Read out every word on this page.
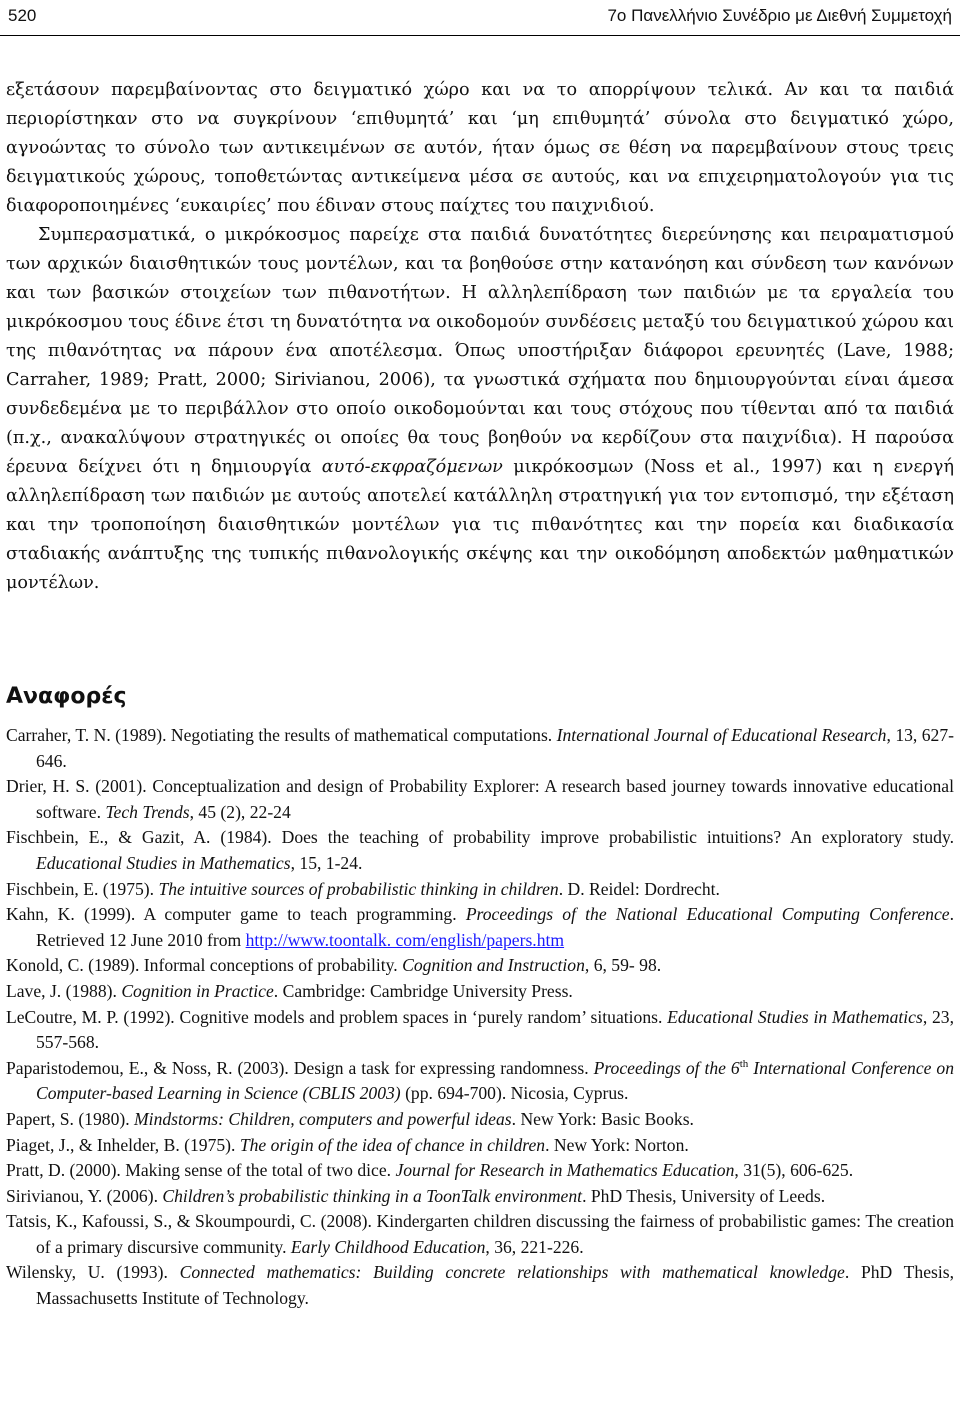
520	7ο Πανελλήνιο Συνέδριο με Διεθνή Συμμετοχή

εξετάσουν παρεμβαίνοντας στο δειγματικό χώρο και να το απορρίψουν τελικά. Αν και τα παιδιά περιορίστηκαν στο να συγκρίνουν ‘επιθυμητά’ και ‘μη επιθυμητά’ σύνολα στο δειγματικό χώρο, αγνοώντας το σύνολο των αντικειμένων σε αυτόν, ήταν όμως σε θέση να παρεμβαίνουν στους τρεις δειγματικούς χώρους, τοποθετώντας αντικείμενα μέσα σε αυτούς, και να επιχειρηματολογούν για τις διαφοροποιημένες ‘ευκαιρίες’ που έδιναν στους παίχτες του παιχνιδιού.

Συμπερασματικά, ο μικρόκοσμος παρείχε στα παιδιά δυνατότητες διερεύνησης και πειραματισμού των αρχικών διαισθητικών τους μοντέλων, και τα βοηθούσε στην κατανόηση και σύνδεση των κανόνων και των βασικών στοιχείων των πιθανοτήτων. Η αλληλεπίδραση των παιδιών με τα εργαλεία του μικρόκοσμου τους έδινε έτσι τη δυνατότητα να οικοδομούν συνδέσεις μεταξύ του δειγματικού χώρου και της πιθανότητας να πάρουν ένα αποτέλεσμα. Όπως υποστήριξαν διάφοροι ερευνητές (Lave, 1988; Carraher, 1989; Pratt, 2000; Sirivianou, 2006), τα γνωστικά σχήματα που δημιουργούνται είναι άμεσα συνδεδεμένα με το περιβάλλον στο οποίο οικοδομούνται και τους στόχους που τίθενται από τα παιδιά (π.χ., ανακαλύψουν στρατηγικές οι οποίες θα τους βοηθούν να κερδίζουν στα παιχνίδια). Η παρούσα έρευνα δείχνει ότι η δημιουργία αυτό-εκφραζόμενων μικρόκοσμων (Noss et al., 1997) και η ενεργή αλληλεπίδραση των παιδιών με αυτούς αποτελεί κατάλληλη στρατηγική για τον εντοπισμό, την εξέταση και την τροποποίηση διαισθητικών μοντέλων για τις πιθανότητες και την πορεία και διαδικασία σταδιακής ανάπτυξης της τυπικής πιθανολογικής σκέψης και την οικοδόμηση αποδεκτών μαθηματικών μοντέλων.

Αναφορές

Carraher, T. N. (1989). Negotiating the results of mathematical computations. International Journal of Educational Research, 13, 627-646.

Drier, H. S. (2001). Conceptualization and design of Probability Explorer: A research based journey towards innovative educational software. Tech Trends, 45 (2), 22-24

Fischbein, E., & Gazit, A. (1984). Does the teaching of probability improve probabilistic intuitions? An exploratory study. Educational Studies in Mathematics, 15, 1-24.

Fischbein, E. (1975). The intuitive sources of probabilistic thinking in children. D. Reidel: Dordrecht.

Kahn, K. (1999). A computer game to teach programming. Proceedings of the National Educational Computing Conference. Retrieved 12 June 2010 from http://www.toontalk. com/english/papers.htm

Konold, C. (1989). Informal conceptions of probability. Cognition and Instruction, 6, 59- 98.

Lave, J. (1988). Cognition in Practice. Cambridge: Cambridge University Press.

LeCoutre, M. P. (1992). Cognitive models and problem spaces in ‘purely random’ situations. Educational Studies in Mathematics, 23, 557-568.

Paparistodemou, E., & Noss, R. (2003). Design a task for expressing randomness. Proceedings of the 6th International Conference on Computer-based Learning in Science (CBLIS 2003) (pp. 694-700). Nicosia, Cyprus.

Papert, S. (1980). Mindstorms: Children, computers and powerful ideas. New York: Basic Books.

Piaget, J., & Inhelder, B. (1975). The origin of the idea of chance in children. New York: Norton.

Pratt, D. (2000). Making sense of the total of two dice. Journal for Research in Mathematics Education, 31(5), 606-625.

Sirivianou, Y. (2006). Children’s probabilistic thinking in a ToonTalk environment. PhD Thesis, University of Leeds.

Tatsis, K., Kafoussi, S., & Skoumpourdi, C. (2008). Kindergarten children discussing the fairness of probabilistic games: The creation of a primary discursive community. Early Childhood Education, 36, 221-226.

Wilensky, U. (1993). Connected mathematics: Building concrete relationships with mathematical knowledge. PhD Thesis, Massachusetts Institute of Technology.
